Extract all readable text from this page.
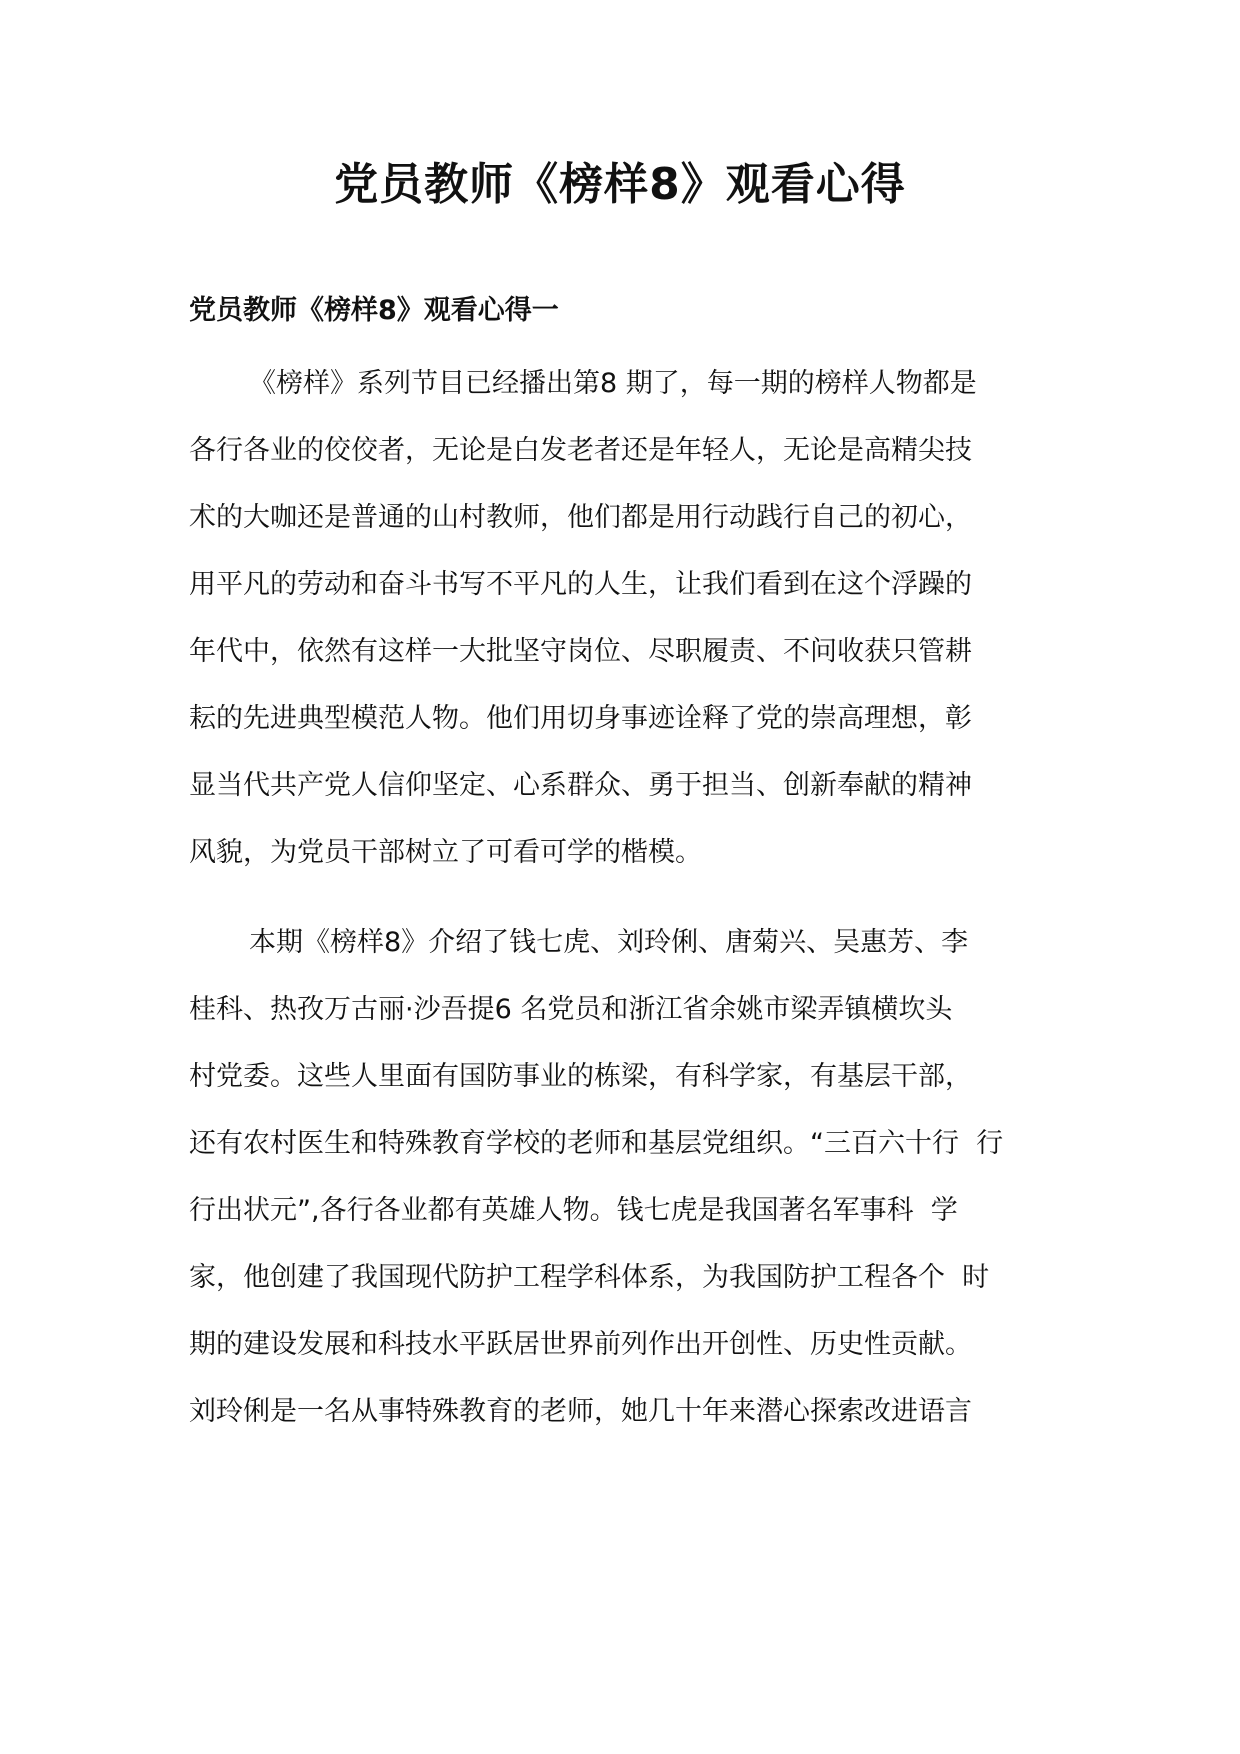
党员教师《榜样8》观看心得
党员教师《榜样8》观看心得一
《榜样》系列节目已经播出第8 期了，每一期的榜样人物都是
各行各业的佼佼者，无论是白发老者还是年轻人，无论是高精尖技
术的大咖还是普通的山村教师，他们都是用行动践行自己的初心，
用平凡的劳动和奋斗书写不平凡的人生，让我们看到在这个浮躁的
年代中，依然有这样一大批坚守岗位、尽职履责、不问收获只管耕
耘的先进典型模范人物。他们用切身事迹诠释了党的崇高理想，彰
显当代共产党人信仰坚定、心系群众、勇于担当、创新奉献的精神
风貌，为党员干部树立了可看可学的楷模。
本期《榜样8》介绍了钱七虎、刘玲俐、唐菊兴、吴惠芳、李
桂科、热孜万古丽·沙吾提6 名党员和浙江省余姚市梁弄镇横坎头
村党委。这些人里面有国防事业的栋梁，有科学家，有基层干部，
还有农村医生和特殊教育学校的老师和基层党组织。“三百六十行  行
行出状元”,各行各业都有英雄人物。钱七虎是我国著名军事科  学
家，他创建了我国现代防护工程学科体系，为我国防护工程各个  时
期的建设发展和科技水平跃居世界前列作出开创性、历史性贡献。
刘玲俐是一名从事特殊教育的老师，她几十年来潜心探索改进语言
